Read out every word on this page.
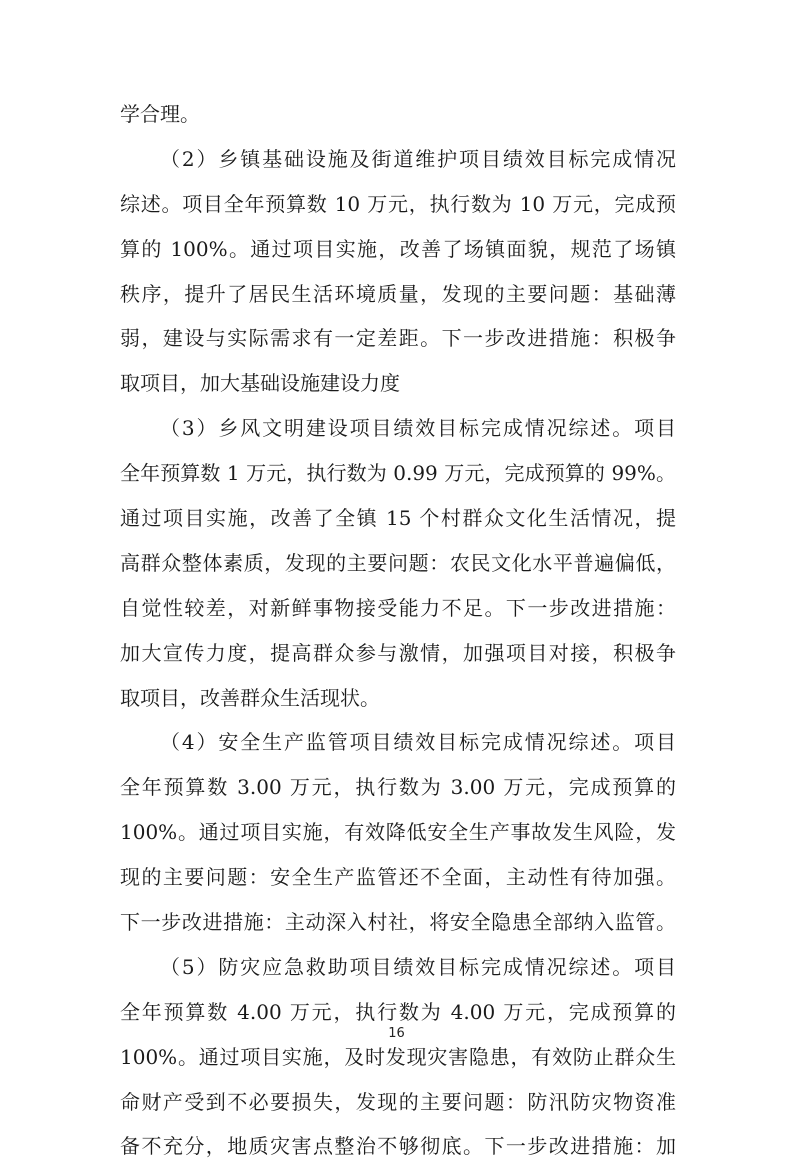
学合理。
（2）乡镇基础设施及街道维护项目绩效目标完成情况
综述。项目全年预算数 10 万元，执行数为 10 万元，完成预
算的 100%。通过项目实施，改善了场镇面貌，规范了场镇
秩序，提升了居民生活环境质量，发现的主要问题：基础薄
弱，建设与实际需求有一定差距。下一步改进措施：积极争
取项目，加大基础设施建设力度
（3）乡风文明建设项目绩效目标完成情况综述。项目
全年预算数 1 万元，执行数为 0.99 万元，完成预算的 99%。
通过项目实施，改善了全镇 15 个村群众文化生活情况，提
高群众整体素质，发现的主要问题：农民文化水平普遍偏低，
自觉性较差，对新鲜事物接受能力不足。下一步改进措施：
加大宣传力度，提高群众参与激情，加强项目对接，积极争
取项目，改善群众生活现状。
（4）安全生产监管项目绩效目标完成情况综述。项目
全年预算数 3.00 万元，执行数为 3.00 万元，完成预算的
100%。通过项目实施，有效降低安全生产事故发生风险，发
现的主要问题：安全生产监管还不全面，主动性有待加强。
下一步改进措施：主动深入村社，将安全隐患全部纳入监管。
（5）防灾应急救助项目绩效目标完成情况综述。项目
全年预算数 4.00 万元，执行数为 4.00 万元，完成预算的
100%。通过项目实施，及时发现灾害隐患，有效防止群众生
命财产受到不必要损失，发现的主要问题：防汛防灾物资准
备不充分，地质灾害点整治不够彻底。下一步改进措施：加
16
